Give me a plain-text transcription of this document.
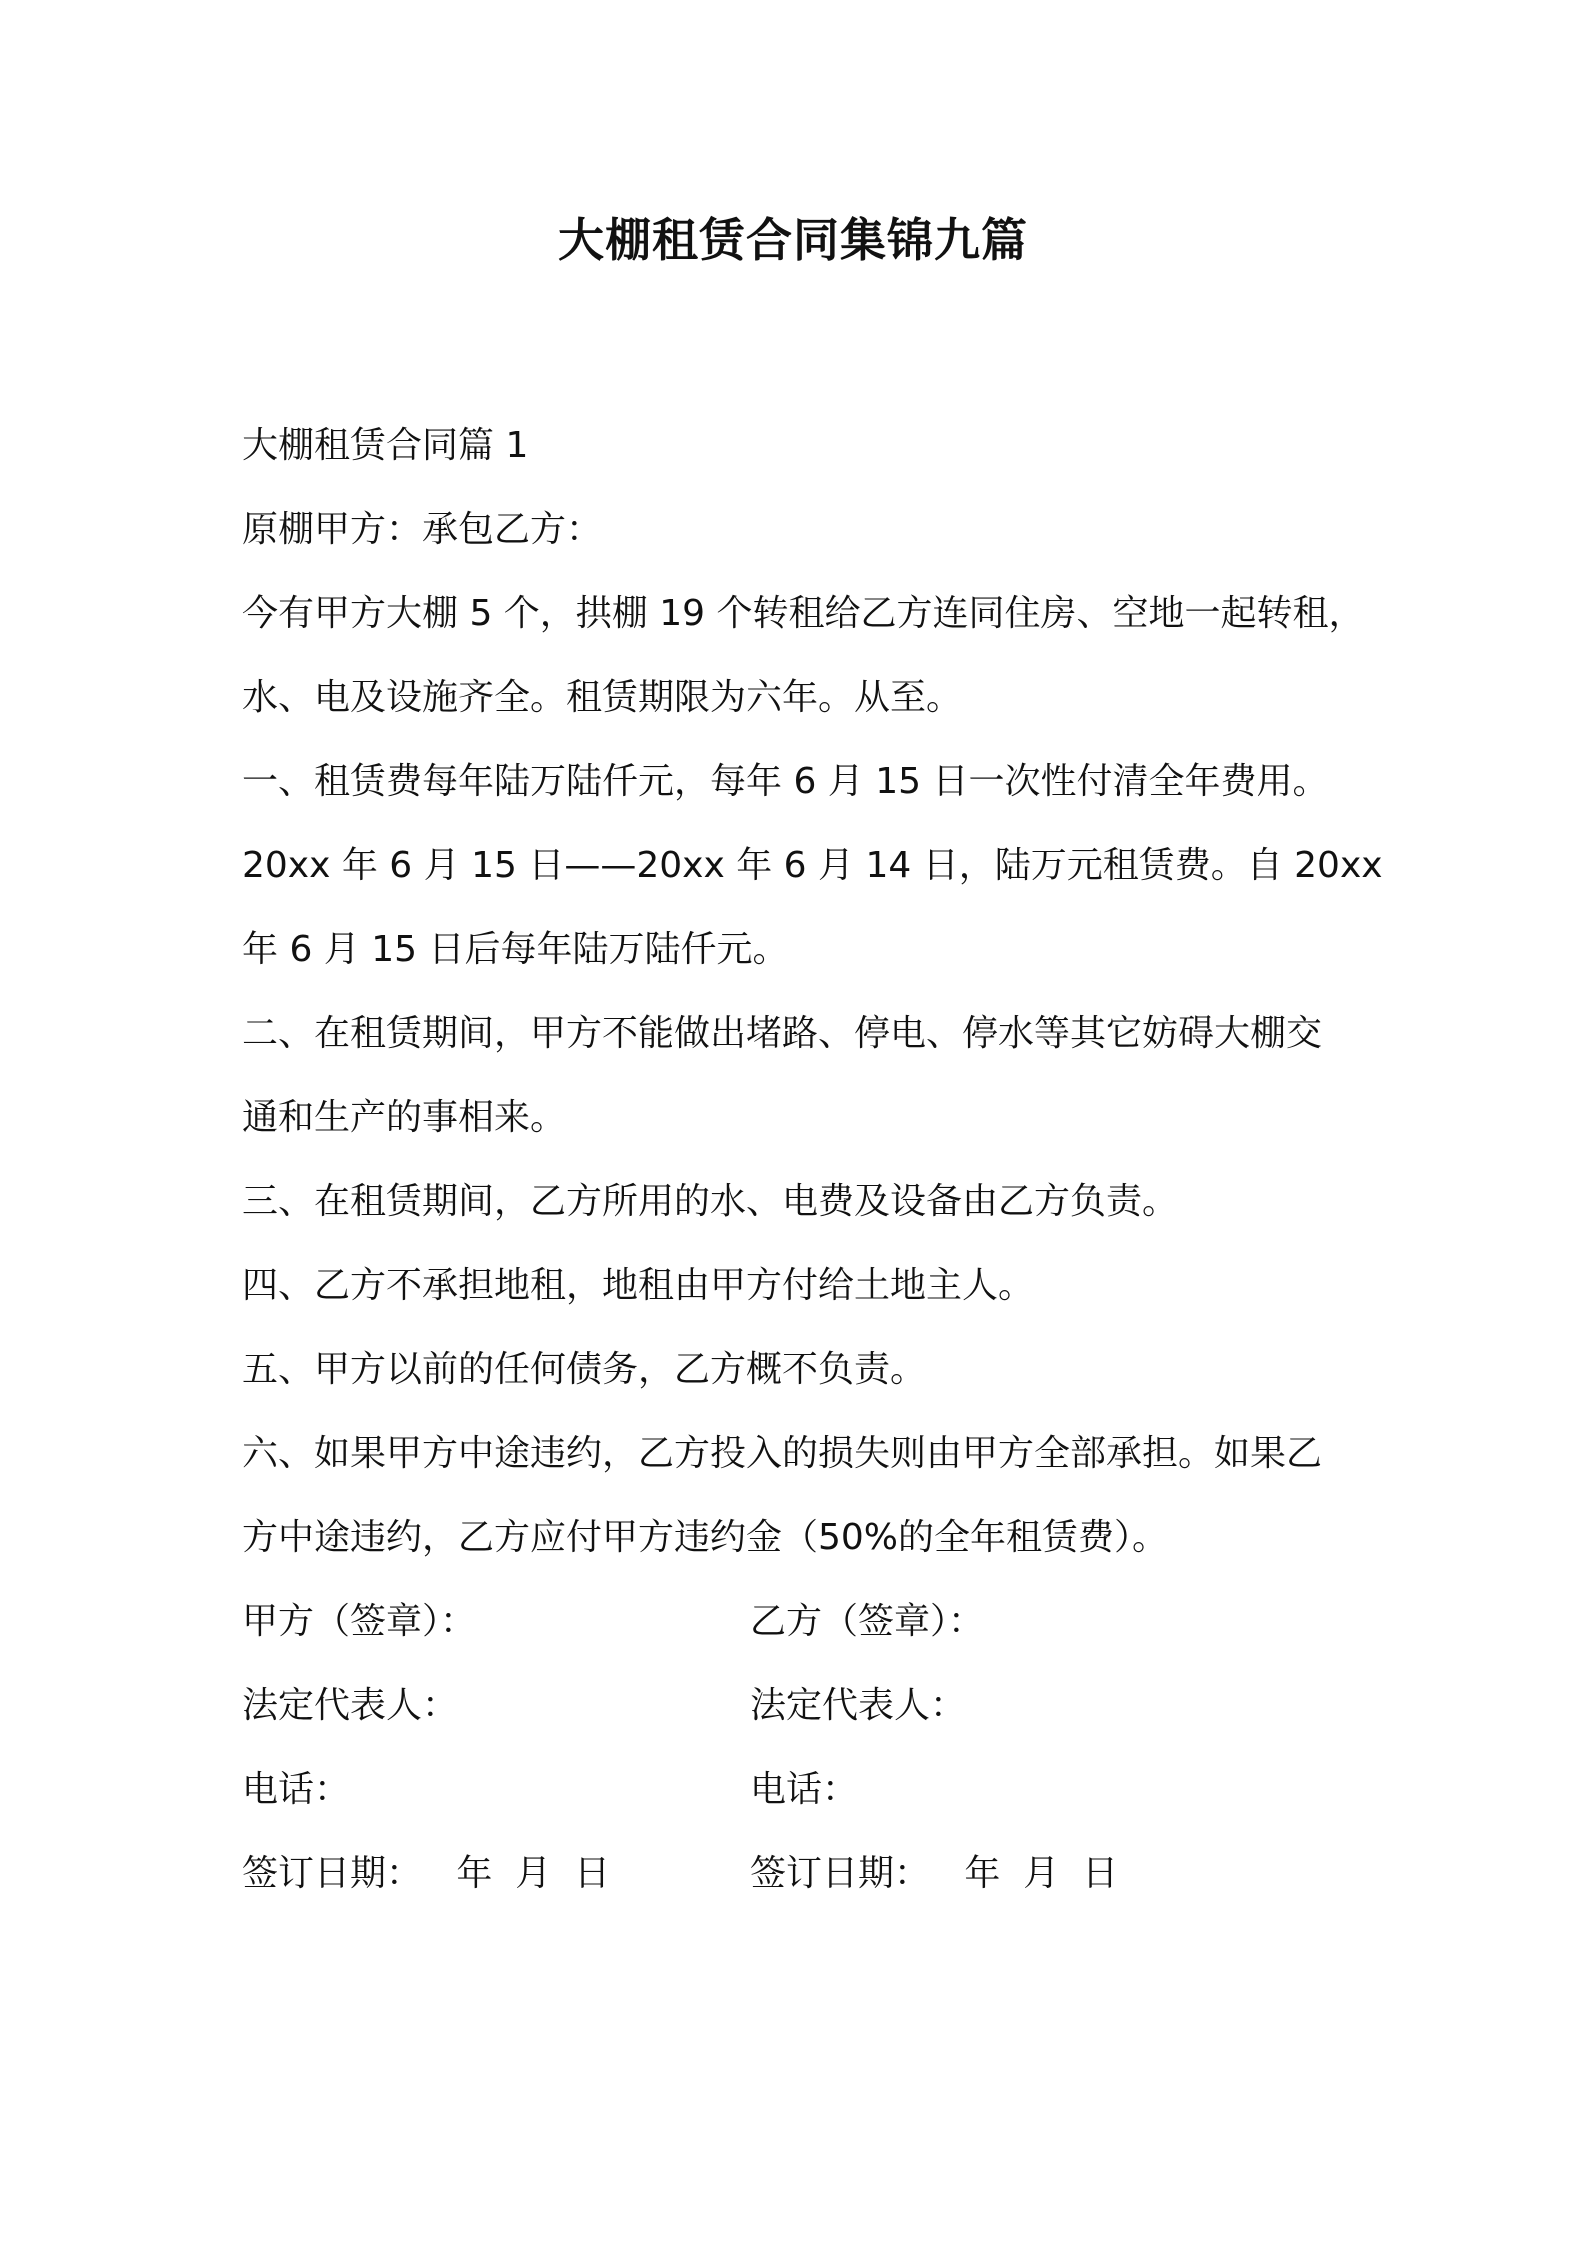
大棚租赁合同集锦九篇
大棚租赁合同篇 1
原棚甲方：承包乙方：
今有甲方大棚 5 个，拱棚 19 个转租给乙方连同住房、空地一起转租，
水、电及设施齐全。租赁期限为六年。从至。
一、租赁费每年陆万陆仟元，每年 6 月 15 日一次性付清全年费用。
20xx 年 6 月 15 日——20xx 年 6 月 14 日，陆万元租赁费。自 20xx
年 6 月 15 日后每年陆万陆仟元。
二、在租赁期间，甲方不能做出堵路、停电、停水等其它妨碍大棚交
通和生产的事相来。
三、在租赁期间，乙方所用的水、电费及设备由乙方负责。
四、乙方不承担地租，地租由甲方付给土地主人。
五、甲方以前的任何债务，乙方概不负责。
六、如果甲方中途违约，乙方投入的损失则由甲方全部承担。如果乙
方中途违约，乙方应付甲方违约金（50%的全年租赁费）。
甲方（签章）：	乙方（签章）：
法定代表人：	法定代表人：
电话：	电话：
签订日期：   年  月  日	签订日期：   年  月  日
